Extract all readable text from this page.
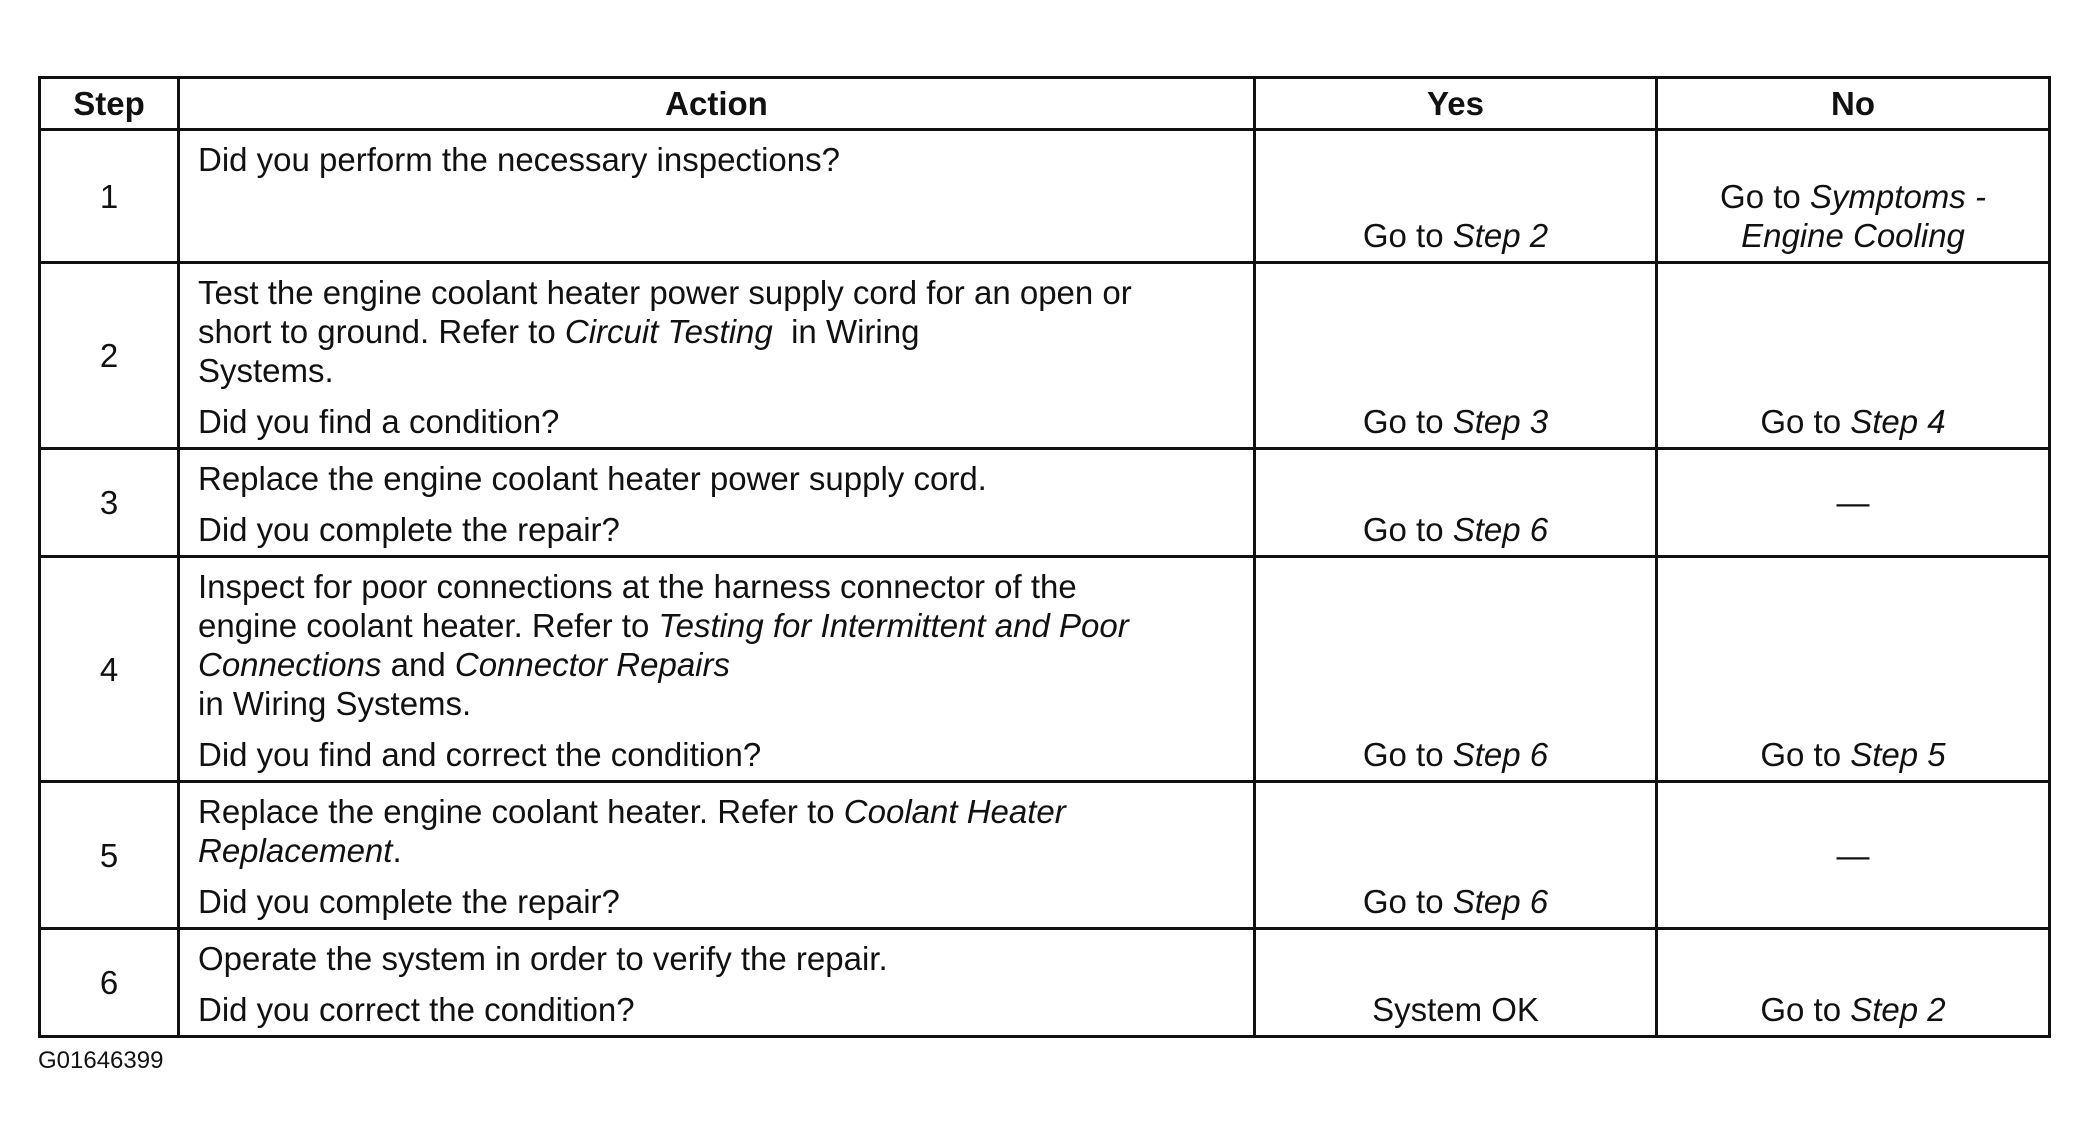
Step	Action	Yes	No
1	Did you perform the necessary inspections?	Go to Step 2	Go to Symptoms -
Engine Cooling

2	Test the engine coolant heater power supply cord for an open or
short to ground. Refer to Circuit Testing  in Wiring
Systems.
Did you find a condition?	Go to Step 3	Go to Step 4
3	Replace the engine coolant heater power supply cord.
Did you complete the repair?	Go to Step 6	—
4	Inspect for poor connections at the harness connector of the
engine coolant heater. Refer to Testing for Intermittent and Poor
Connections and Connector Repairs
in Wiring Systems.
Did you find and correct the condition?	Go to Step 6	Go to Step 5
5	Replace the engine coolant heater. Refer to Coolant Heater
Replacement.
Did you complete the repair?	Go to Step 6	—
6	Operate the system in order to verify the repair.
Did you correct the condition?	System OK	Go to Step 2
G01646399
